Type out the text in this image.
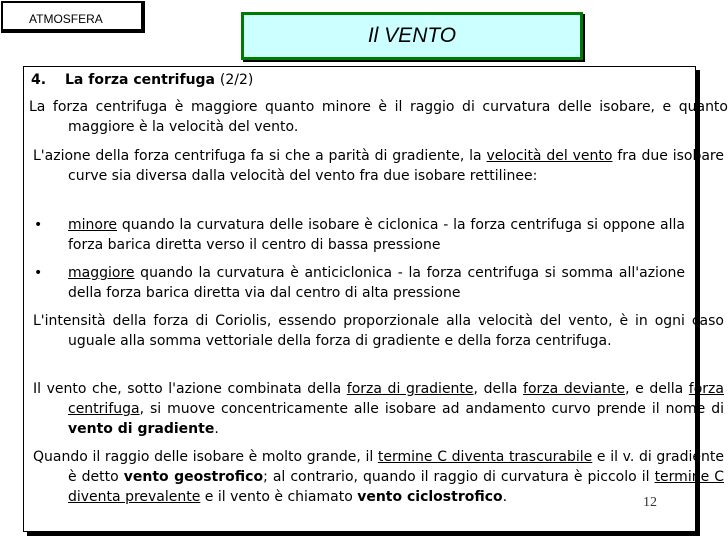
ATMOSFERA
Il VENTO

4. La forza centrifuga (2/2)

La forza centrifuga è maggiore quanto minore è il raggio di curvatura delle isobare, e quanto maggiore è la velocità del vento.

L'azione della forza centrifuga fa si che a parità di gradiente, la velocità del vento fra due isobare curve sia diversa dalla velocità del vento fra due isobare rettilinee:

• minore quando la curvatura delle isobare è ciclonica - la forza centrifuga si oppone alla forza barica diretta verso il centro di bassa pressione

• maggiore quando la curvatura è anticiclonica - la forza centrifuga si somma all'azione della forza barica diretta via dal centro di alta pressione

L'intensità della forza di Coriolis, essendo proporzionale alla velocità del vento, è in ogni caso uguale alla somma vettoriale della forza di gradiente e della forza centrifuga.

Il vento che, sotto l'azione combinata della forza di gradiente, della forza deviante, e della forza centrifuga, si muove concentricamente alle isobare ad andamento curvo prende il nome di vento di gradiente.

Quando il raggio delle isobare è molto grande, il termine C diventa trascurabile e il v. di gradiente è detto vento geostrofico; al contrario, quando il raggio di curvatura è piccolo il termine C diventa prevalente e il vento è chiamato vento ciclostrofico.	12
